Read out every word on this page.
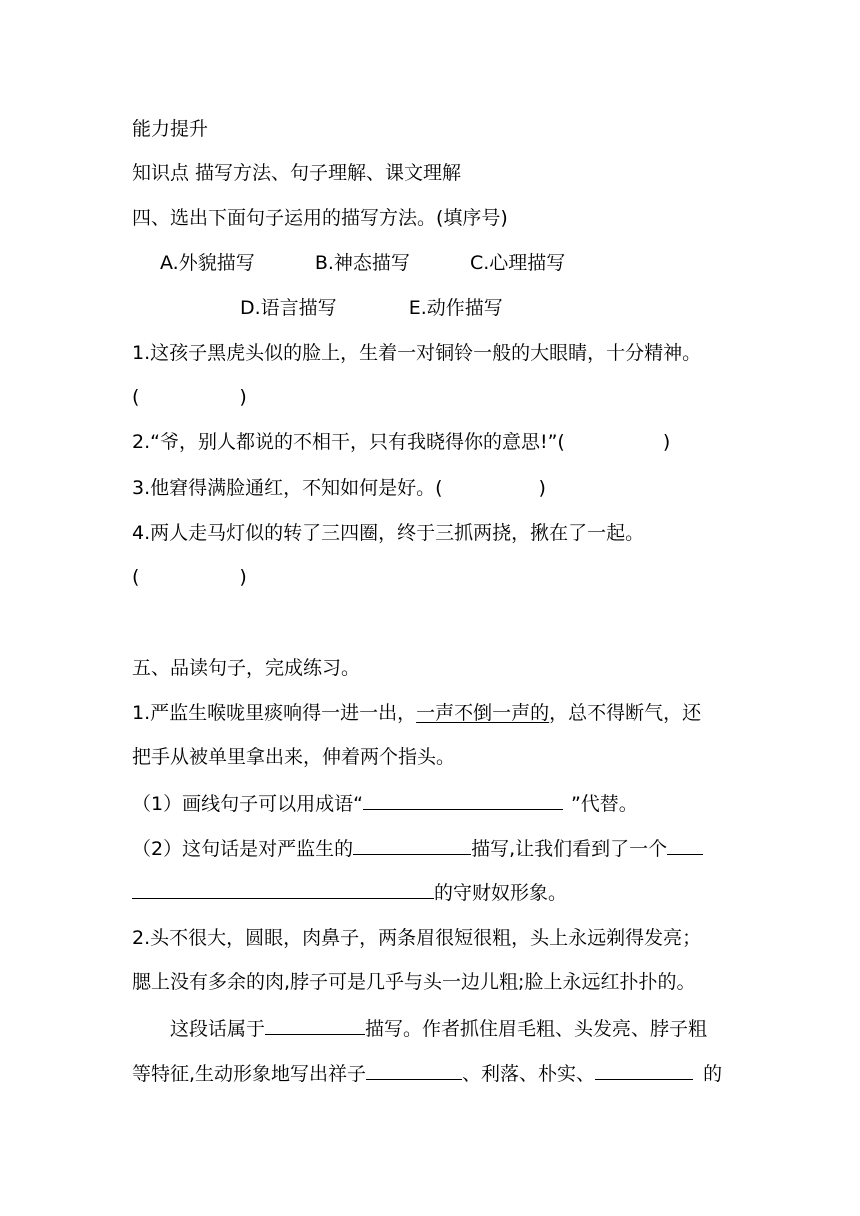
能力提升
知识点 描写方法、句子理解、课文理解
四、选出下面句子运用的描写方法。(填序号)
A.外貌描写	B.神态描写	C.心理描写
D.语言描写	E.动作描写
1.这孩子黑虎头似的脸上，生着一对铜铃一般的大眼睛，十分精神。
(	)
2.“爷，别人都说的不相干，只有我晓得你的意思!”(	)
3.他窘得满脸通红，不知如何是好。(	)
4.两人走马灯似的转了三四圈，终于三抓两挠，揪在了一起。
(	)
五、品读句子，完成练习。
1.严监生喉咙里痰响得一进一出，一声不倒一声的，总不得断气，还
把手从被单里拿出来，伸着两个指头。
（1）画线句子可以用成语“	”代替。
（2）这句话是对严监生的	描写,让我们看到了一个
的守财奴形象。
2.头不很大，圆眼，肉鼻子，两条眉很短很粗，头上永远剃得发亮；
腮上没有多余的肉,脖子可是几乎与头一边儿粗;脸上永远红扑扑的。
这段话属于	描写。作者抓住眉毛粗、头发亮、脖子粗
等特征,生动形象地写出祥子	、利落、朴实、	的
